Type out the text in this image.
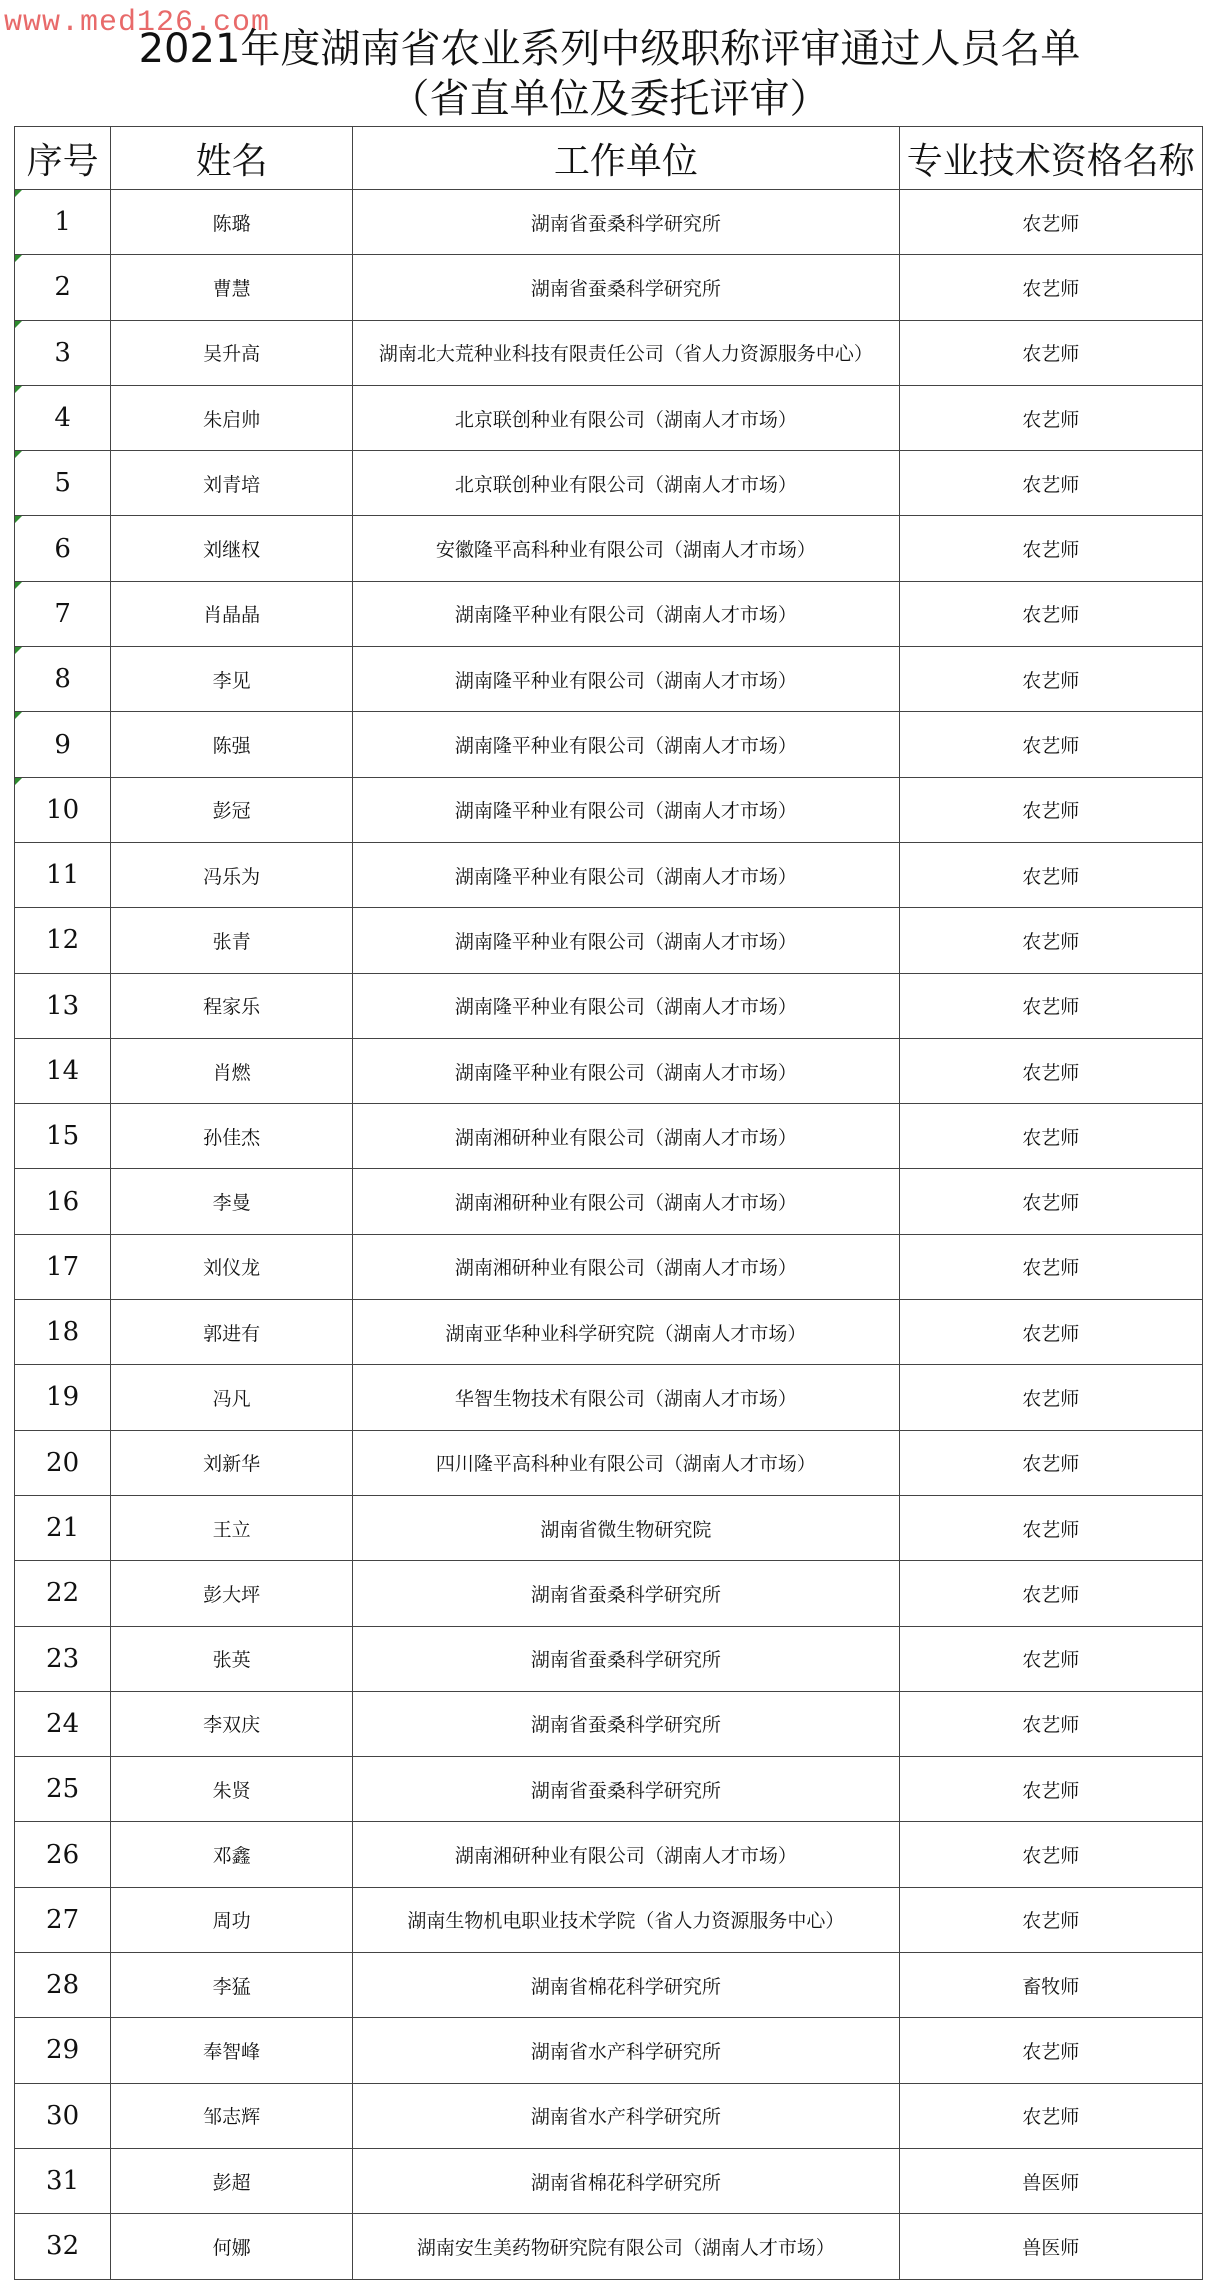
www.med126.com
2021年度湖南省农业系列中级职称评审通过人员名单
（省直单位及委托评审）
序号	姓名	工作单位	专业技术资格名称
1	陈璐	湖南省蚕桑科学研究所	农艺师
2	曹慧	湖南省蚕桑科学研究所	农艺师
3	吴升高	湖南北大荒种业科技有限责任公司（省人力资源服务中心）	农艺师
4	朱启帅	北京联创种业有限公司（湖南人才市场）	农艺师
5	刘青培	北京联创种业有限公司（湖南人才市场）	农艺师
6	刘继权	安徽隆平高科种业有限公司（湖南人才市场）	农艺师
7	肖晶晶	湖南隆平种业有限公司（湖南人才市场）	农艺师
8	李见	湖南隆平种业有限公司（湖南人才市场）	农艺师
9	陈强	湖南隆平种业有限公司（湖南人才市场）	农艺师
10	彭冠	湖南隆平种业有限公司（湖南人才市场）	农艺师
11	冯乐为	湖南隆平种业有限公司（湖南人才市场）	农艺师
12	张青	湖南隆平种业有限公司（湖南人才市场）	农艺师
13	程家乐	湖南隆平种业有限公司（湖南人才市场）	农艺师
14	肖燃	湖南隆平种业有限公司（湖南人才市场）	农艺师
15	孙佳杰	湖南湘研种业有限公司（湖南人才市场）	农艺师
16	李曼	湖南湘研种业有限公司（湖南人才市场）	农艺师
17	刘仪龙	湖南湘研种业有限公司（湖南人才市场）	农艺师
18	郭进有	湖南亚华种业科学研究院（湖南人才市场）	农艺师
19	冯凡	华智生物技术有限公司（湖南人才市场）	农艺师
20	刘新华	四川隆平高科种业有限公司（湖南人才市场）	农艺师
21	王立	湖南省微生物研究院	农艺师
22	彭大坪	湖南省蚕桑科学研究所	农艺师
23	张英	湖南省蚕桑科学研究所	农艺师
24	李双庆	湖南省蚕桑科学研究所	农艺师
25	朱贤	湖南省蚕桑科学研究所	农艺师
26	邓鑫	湖南湘研种业有限公司（湖南人才市场）	农艺师
27	周功	湖南生物机电职业技术学院（省人力资源服务中心）	农艺师
28	李猛	湖南省棉花科学研究所	畜牧师
29	奉智峰	湖南省水产科学研究所	农艺师
30	邹志辉	湖南省水产科学研究所	农艺师
31	彭超	湖南省棉花科学研究所	兽医师
32	何娜	湖南安生美药物研究院有限公司（湖南人才市场）	兽医师
